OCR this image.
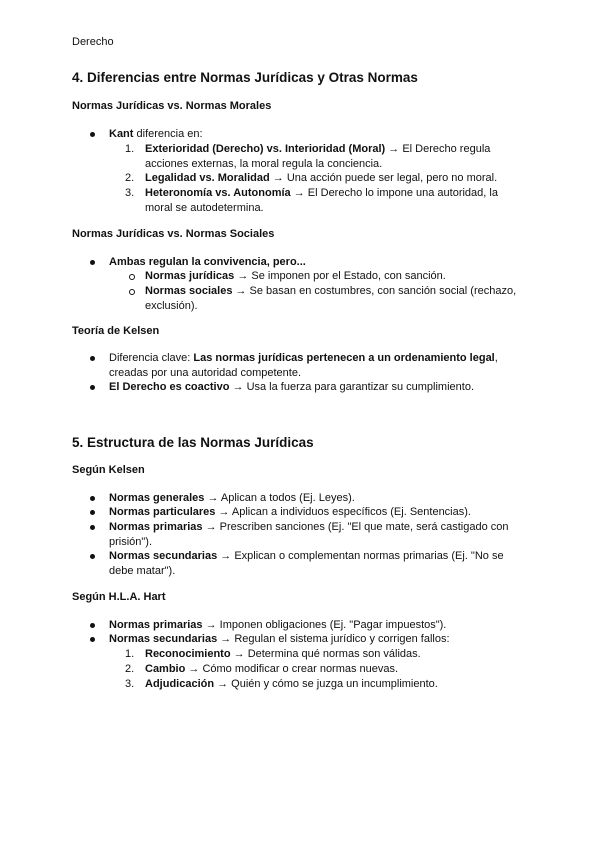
Derecho
4. Diferencias entre Normas Jurídicas y Otras Normas
Normas Jurídicas vs. Normas Morales
Kant diferencia en:
1. Exterioridad (Derecho) vs. Interioridad (Moral) → El Derecho regula
acciones externas, la moral regula la conciencia.
2. Legalidad vs. Moralidad → Una acción puede ser legal, pero no moral.
3. Heteronomía vs. Autonomía → El Derecho lo impone una autoridad, la
moral se autodetermina.
Normas Jurídicas vs. Normas Sociales
Ambas regulan la convivencia, pero...
Normas jurídicas → Se imponen por el Estado, con sanción.
Normas sociales → Se basan en costumbres, con sanción social (rechazo,
exclusión).
Teoría de Kelsen
Diferencia clave: Las normas jurídicas pertenecen a un ordenamiento legal,
creadas por una autoridad competente.
El Derecho es coactivo → Usa la fuerza para garantizar su cumplimiento.
5. Estructura de las Normas Jurídicas
Según Kelsen
Normas generales → Aplican a todos (Ej. Leyes).
Normas particulares → Aplican a individuos específicos (Ej. Sentencias).
Normas primarias → Prescriben sanciones (Ej. "El que mate, será castigado con
prisión").
Normas secundarias → Explican o complementan normas primarias (Ej. "No se
debe matar").
Según H.L.A. Hart
Normas primarias → Imponen obligaciones (Ej. "Pagar impuestos").
Normas secundarias → Regulan el sistema jurídico y corrigen fallos:
1. Reconocimiento → Determina qué normas son válidas.
2. Cambio → Cómo modificar o crear normas nuevas.
3. Adjudicación → Quién y cómo se juzga un incumplimiento.
